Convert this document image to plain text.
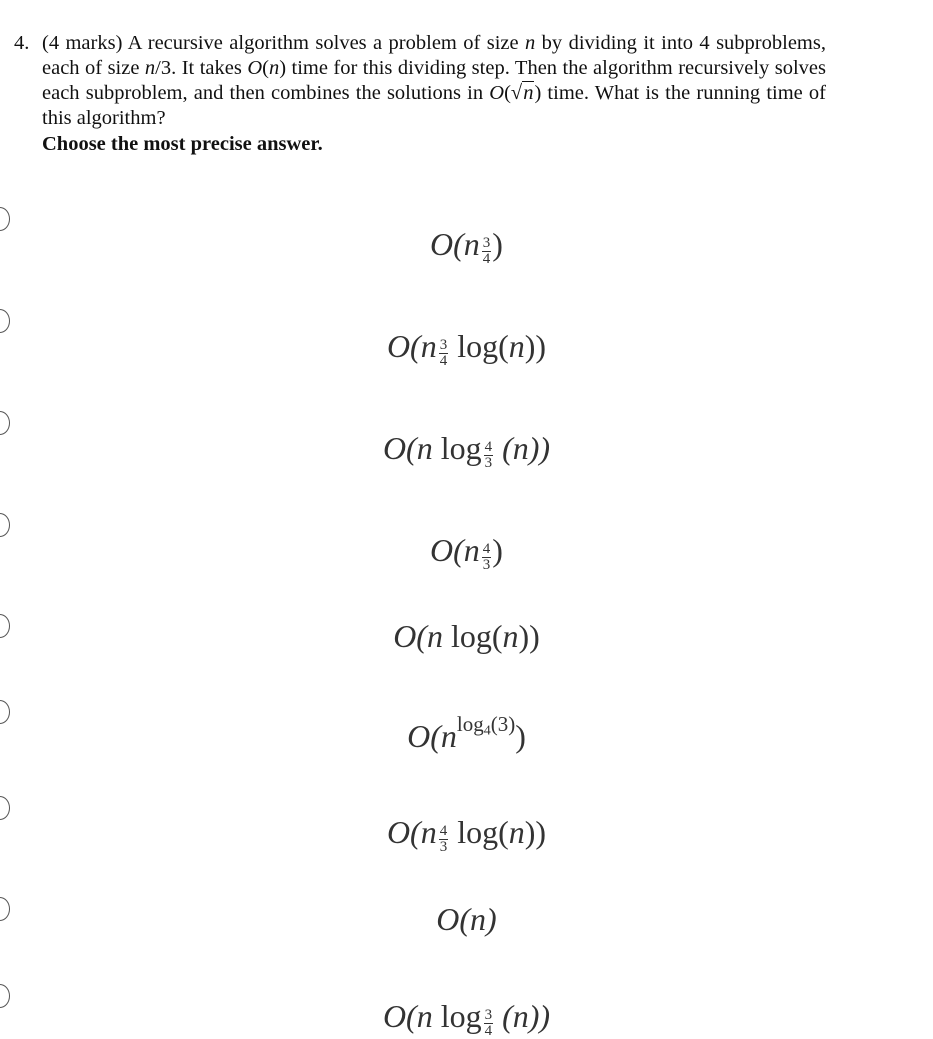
4. (4 marks) A recursive algorithm solves a problem of size n by dividing it into 4 subproblems, each of size n/3. It takes O(n) time for this dividing step. Then the algorithm recursively solves each subproblem, and then combines the solutions in O(√n) time. What is the running time of this algorithm?
Choose the most precise answer.
$O(n \frac{3}{4}$ )
$O(n \frac{3}{4} \log(n))$
O(n $\log \frac{4}{3} (n)$)
$O(n \frac{4}{3}$ )
O(n log(n))
$O(n^{log_4(3)})$
$O(n \frac{4}{3} \log(n))$
O(n)
O(n $\log \frac{3}{4} (n)$)
